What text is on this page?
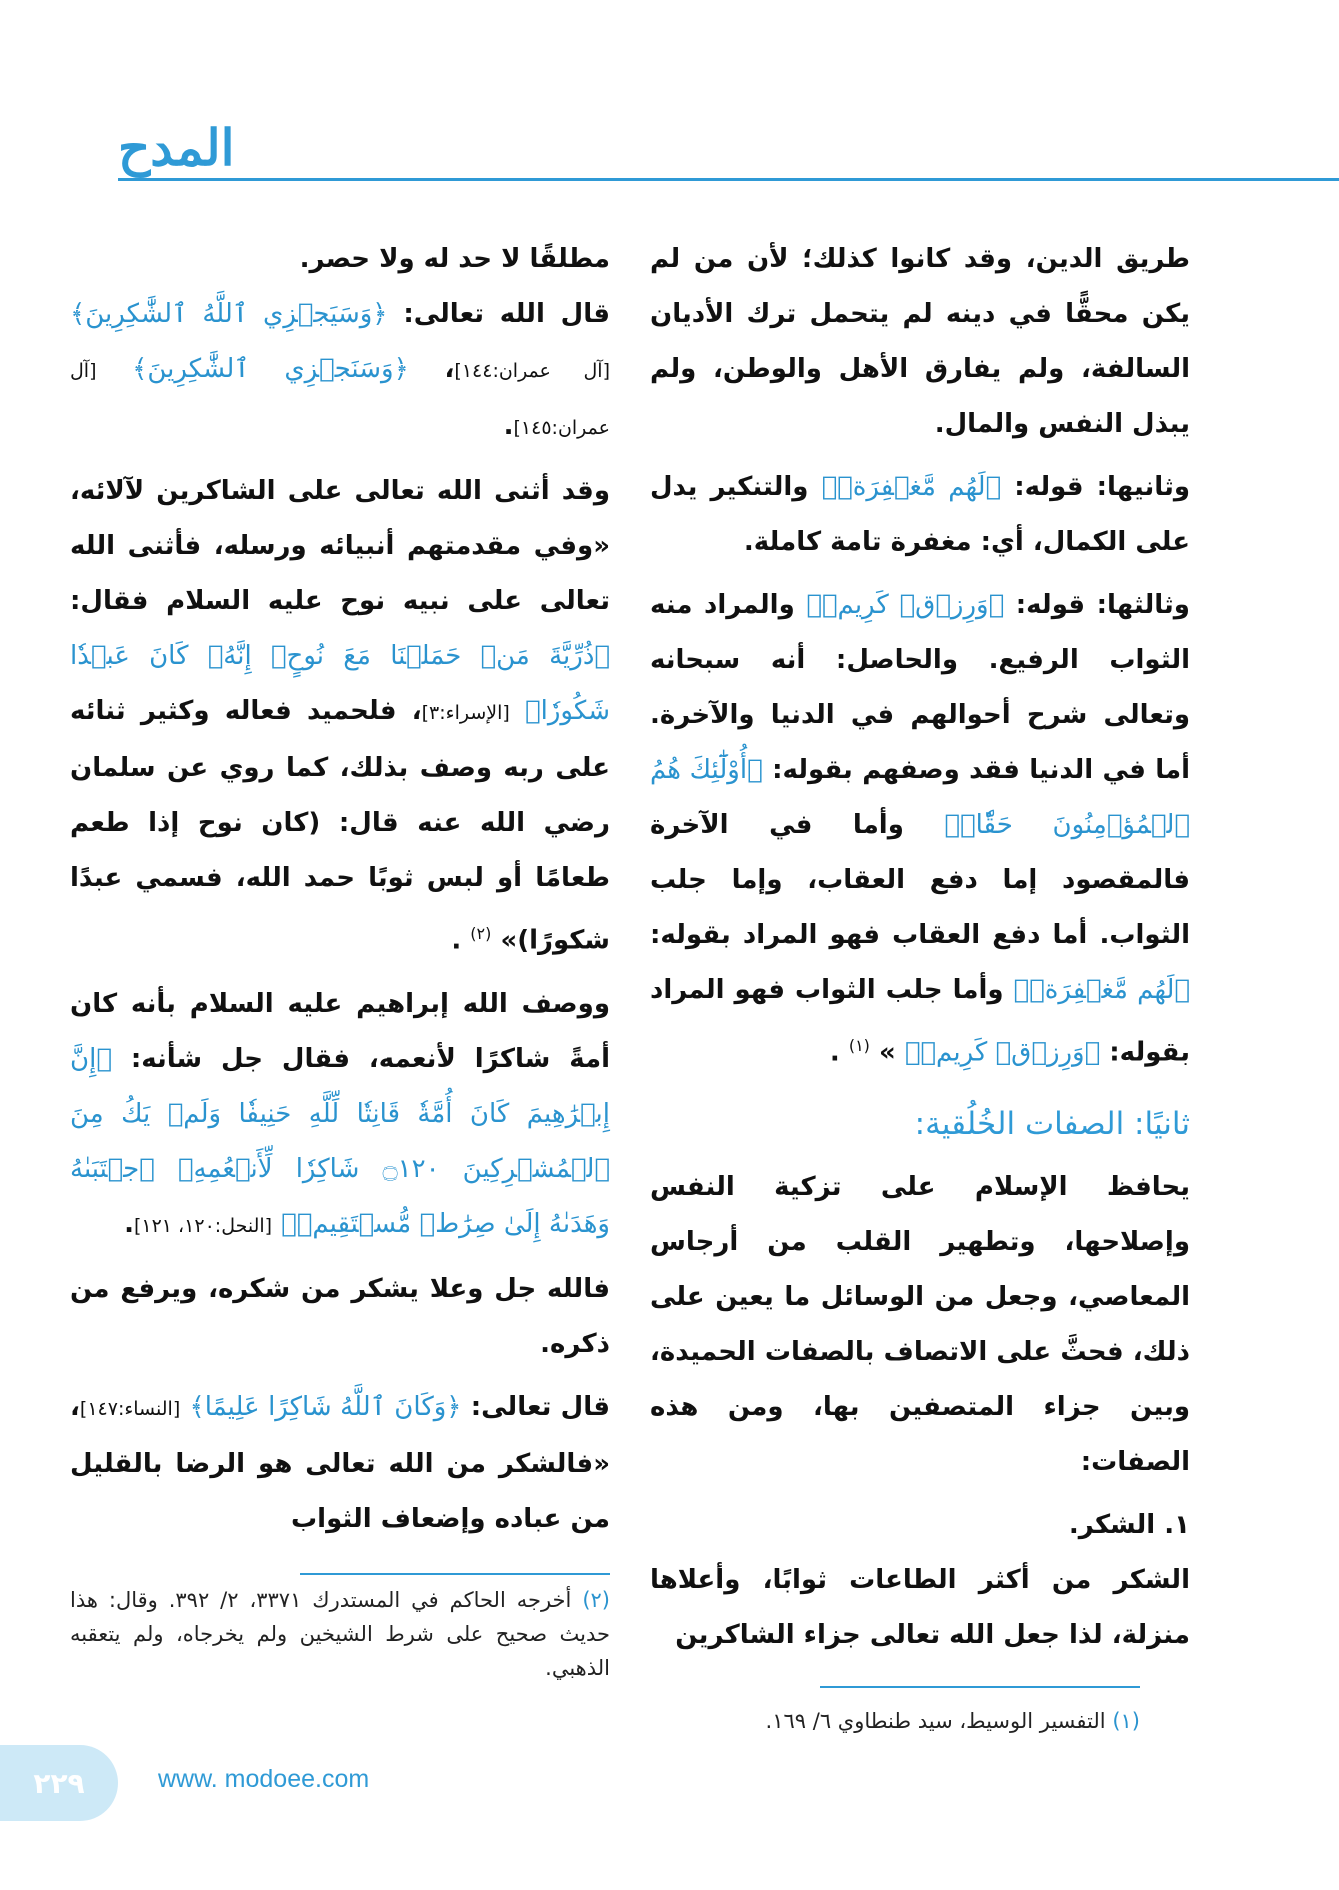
المدح

طريق الدين، وقد كانوا كذلك؛ لأن من لم يكن محقًّا في دينه لم يتحمل ترك الأديان السالفة، ولم يفارق الأهل والوطن، ولم يبذل النفس والمال.

وثانيها: قوله: ﴿لَهُم مَّغۡفِرَةٞ﴾ والتنكير يدل على الكمال، أي: مغفرة تامة كاملة.

وثالثها: قوله: ﴿وَرِزۡقٞ كَرِيمٞ﴾ والمراد منه الثواب الرفيع. والحاصل: أنه سبحانه وتعالى شرح أحوالهم في الدنيا والآخرة. أما في الدنيا فقد وصفهم بقوله: ﴿أُوْلَٰٓئِكَ هُمُ ٱلۡمُؤۡمِنُونَ حَقّٗاۚ﴾ وأما في الآخرة فالمقصود إما دفع العقاب، وإما جلب الثواب. أما دفع العقاب فهو المراد بقوله: ﴿لَهُم مَّغۡفِرَةٞ﴾ وأما جلب الثواب فهو المراد بقوله: ﴿وَرِزۡقٞ كَرِيمٞ﴾ » $^{(١)}$ .

ثانيًا: الصفات الخُلُقية:

يحافظ الإسلام على تزكية النفس وإصلاحها، وتطهير القلب من أرجاس المعاصي، وجعل من الوسائل ما يعين على ذلك، فحثَّ على الاتصاف بالصفات الحميدة، وبين جزاء المتصفين بها، ومن هذه الصفات:

١. الشكر.

الشكر من أكثر الطاعات ثوابًا، وأعلاها منزلة، لذا جعل الله تعالى جزاء الشاكرين

مطلقًا لا حد له ولا حصر.

قال الله تعالى: ﴿وَسَيَجۡزِي ٱللَّهُ ٱلشَّٰكِرِينَ﴾ [آل عمران:١٤٤]، ﴿وَسَنَجۡزِي ٱلشَّٰكِرِينَ﴾ [آل عمران:١٤٥].

وقد أثنى الله تعالى على الشاكرين لآلائه، «وفي مقدمتهم أنبيائه ورسله، فأثنى الله تعالى على نبيه نوح عليه السلام فقال: ﴿ذُرِّيَّةَ مَنۡ حَمَلۡنَا مَعَ نُوحٍۚ إِنَّهُۥ كَانَ عَبۡدٗا شَكُورٗا﴾ [الإسراء:٣]، فلحميد فعاله وكثير ثنائه على ربه وصف بذلك، كما روي عن سلمان رضي الله عنه قال: (كان نوح إذا طعم طعامًا أو لبس ثوبًا حمد الله، فسمي عبدًا شكورًا)» $^{(٢)}$ .

ووصف الله إبراهيم عليه السلام بأنه كان أمةً شاكرًا لأنعمه، فقال جل شأنه: ﴿إِنَّ إِبۡرَٰهِيمَ كَانَ أُمَّةٗ قَانِتٗا لِّلَّهِ حَنِيفٗا وَلَمۡ يَكُ مِنَ ٱلۡمُشۡرِكِينَ ۝١٢٠ شَاكِرٗا لِّأَنۡعُمِهِۚ ٱجۡتَبَىٰهُ وَهَدَىٰهُ إِلَىٰ صِرَٰطٖ مُّسۡتَقِيمٖ﴾ [النحل:١٢٠، ١٢١].

فالله جل وعلا يشكر من شكره، ويرفع من ذكره.

قال تعالى: ﴿وَكَانَ ٱللَّهُ شَاكِرًا عَلِيمًا﴾ [النساء:١٤٧]، «فالشكر من الله تعالى هو الرضا بالقليل من عباده وإضعاف الثواب

(١) التفسير الوسيط، سيد طنطاوي ٦/ ١٦٩.
(٢) أخرجه الحاكم في المستدرك ٣٣٧١، ٢/ ٣٩٢. وقال: هذا حديث صحيح على شرط الشيخين ولم يخرجاه، ولم يتعقبه الذهبي.
٢٢٩	www. modoee.com
